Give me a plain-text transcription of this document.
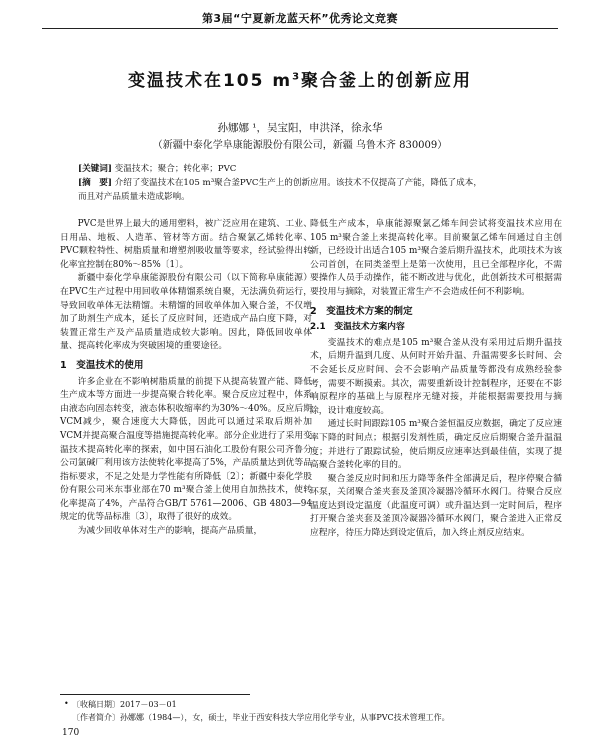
第3届“宁夏新龙蓝天杯”优秀论文竞赛
变温技术在105 $m^3$聚合釜上的创新应用
孙娜娜 ¹，吴宝阳，申洪泽，徐永华
（新疆中泰化学阜康能源股份有限公司，新疆 乌鲁木齐 830009）
[关键词] 变温技术；聚合；转化率；PVC
[摘　要] 介绍了变温技术在105 m³聚合釜PVC生产上的创新应用。该技术不仅提高了产能，降低了成本，
而且对产品质量未造成影响。

PVC是世界上最大的通用塑料，被广泛应用在建筑、工业、日用品、地板、人造革、管材等方面。结合聚氯乙烯转化率、PVC颗粒特性、树脂质量和增塑剂吸收量等要求，经试验得出转化率宜控制在80%～85%〔1〕。

新疆中泰化学阜康能源股份有限公司（以下简称阜康能源）在PVC生产过程中用回收单体精馏系统自聚，无法满负荷运行，导致回收单体无法精馏。未精馏的回收单体加入聚合釜，不仅增加了助剂生产成本，延长了反应时间，还造成产品白度下降，对装置正常生产及产品质量造成较大影响。因此，降低回收单体量、提高转化率成为突破困境的重要途径。

1　变温技术的使用

许多企业在不影响树脂质量的前提下从提高装置产能、降低生产成本等方面进一步提高聚合转化率。聚合反应过程中，体系由液态向固态转变，液态体积收缩率约为30%～40%。反应后期VCM减少，聚合速度大大降低，因此可以通过采取后期补加VCM并提高聚合温度等措施提高转化率。部分企业进行了采用变温技术提高转化率的探索，如中国石油化工股份有限公司齐鲁分公司氯碱厂利用该方法使转化率提高了5%，产品质量达到优等品指标要求，不足之处是力学性能有所降低〔2〕；新疆中泰化学股份有限公司米东事业部在70 m³聚合釜上使用自加热技术，使转化率提高了4%，产品符合GB/T 5761—2006、GB 4803—94规定的优等品标准〔3〕，取得了很好的成效。

为减少回收单体对生产的影响，提高产品质量，

降低生产成本，阜康能源聚氯乙烯车间尝试将变温技术应用在105 m³聚合釜上来提高转化率。目前聚氯乙烯车间通过自主创新，已经设计出适合105 m³聚合釜后期升温技术，此项技术为该公司首创，在同类釜型上是第一次使用，且已全部程序化，不需要操作人员手动操作，能不断改进与优化，此创新技术可根据需要投用与摘除，对装置正常生产不会造成任何不利影响。

2　变温技术方案的制定
2.1　变温技术方案内容

变温技术的难点是105 m³聚合釜从没有采用过后期升温技术，后期升温到几度、从何时开始升温、升温需要多长时间、会不会延长反应时间、会不会影响产品质量等都没有成熟经验参考，需要不断摸索。其次，需要重新设计控制程序，还要在不影响原程序的基础上与原程序无缝对接，并能根据需要投用与摘除，设计难度较高。

通过长时间跟踪105 m³聚合釜恒温反应数据，确定了反应速率下降的时间点；根据引发剂性质，确定反应后期聚合釜升温温度；并进行了跟踪试验，使后期反应速率达到最佳值，实现了提高聚合釜转化率的目的。

聚合釜反应时间和压力降等条件全部满足后，程序停聚合循环泵，关闭聚合釜夹套及釜顶冷凝器冷循环水阀门。待聚合反应温度达到设定温度（此温度可调）或升温达到一定时间后，程序打开聚合釜夹套及釜顶冷凝器冷循环水阀门，聚合釜进入正常反应程序，待压力降达到设定值后，加入终止剂反应结束。

• 〔收稿日期〕2017－03－01
〔作者简介〕孙娜娜（1984—），女，硕士，毕业于西安科技大学应用化学专业，从事PVC技术管理工作。
170
